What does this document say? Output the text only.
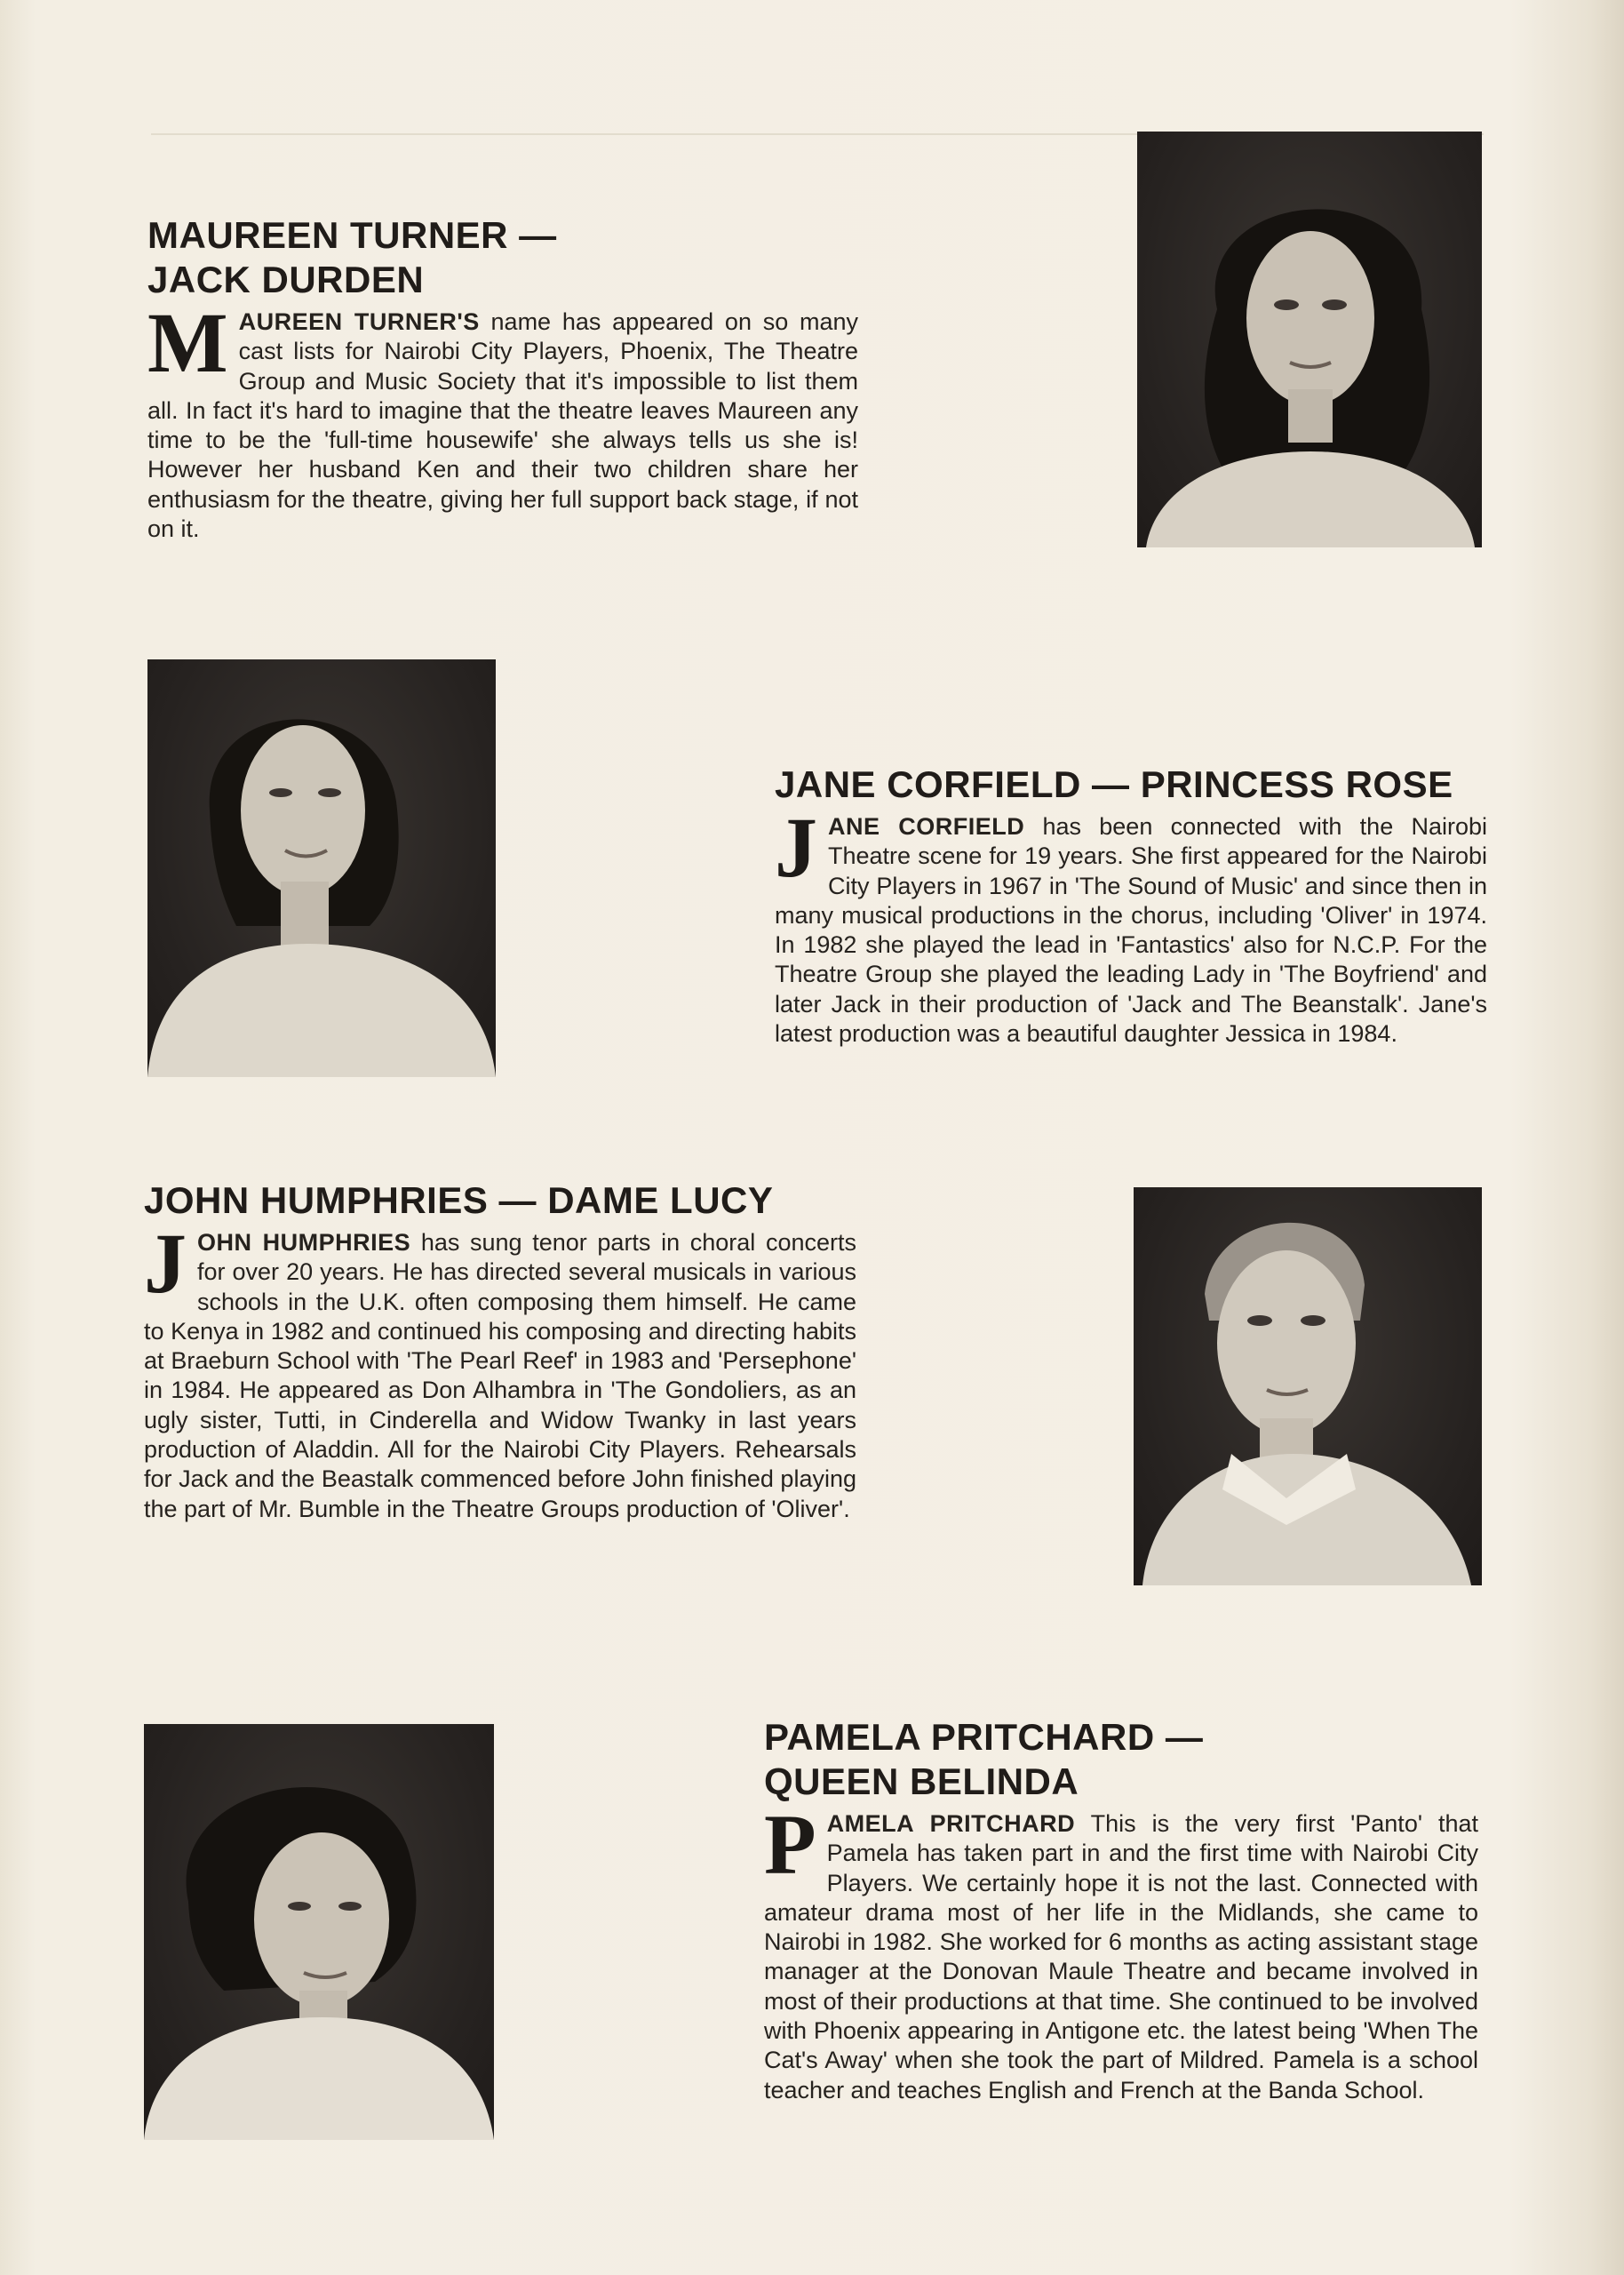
MAUREEN TURNER —
JACK DURDEN

MAUREEN TURNER'S name has appeared on so many cast lists for Nairobi City Players, Phoenix, The Theatre Group and Music Society that it's impossible to list them all. In fact it's hard to imagine that the theatre leaves Maureen any time to be the 'full-time housewife' she always tells us she is! However her husband Ken and their two children share her enthusiasm for the theatre, giving her full support back stage, if not on it.

JANE CORFIELD — PRINCESS ROSE

JANE CORFIELD has been connected with the Nairobi Theatre scene for 19 years. She first appeared for the Nairobi City Players in 1967 in 'The Sound of Music' and since then in many musical productions in the chorus, including 'Oliver' in 1974. In 1982 she played the lead in 'Fantastics' also for N.C.P. For the Theatre Group she played the leading Lady in 'The Boyfriend' and later Jack in their production of 'Jack and The Beanstalk'. Jane's latest production was a beautiful daughter Jessica in 1984.

JOHN HUMPHRIES — DAME LUCY

JOHN HUMPHRIES has sung tenor parts in choral concerts for over 20 years. He has directed several musicals in various schools in the U.K. often composing them himself. He came to Kenya in 1982 and continued his composing and directing habits at Braeburn School with 'The Pearl Reef' in 1983 and 'Persephone' in 1984. He appeared as Don Alhambra in 'The Gondoliers, as an ugly sister, Tutti, in Cinderella and Widow Twanky in last years production of Aladdin. All for the Nairobi City Players. Rehearsals for Jack and the Beastalk commenced before John finished playing the part of Mr. Bumble in the Theatre Groups production of 'Oliver'.

PAMELA PRITCHARD —
QUEEN BELINDA

PAMELA PRITCHARD This is the very first 'Panto' that Pamela has taken part in and the first time with Nairobi City Players. We certainly hope it is not the last. Connected with amateur drama most of her life in the Midlands, she came to Nairobi in 1982. She worked for 6 months as acting assistant stage manager at the Donovan Maule Theatre and became involved in most of their productions at that time. She continued to be involved with Phoenix appearing in Antigone etc. the latest being 'When The Cat's Away' when she took the part of Mildred. Pamela is a school teacher and teaches English and French at the Banda School.
